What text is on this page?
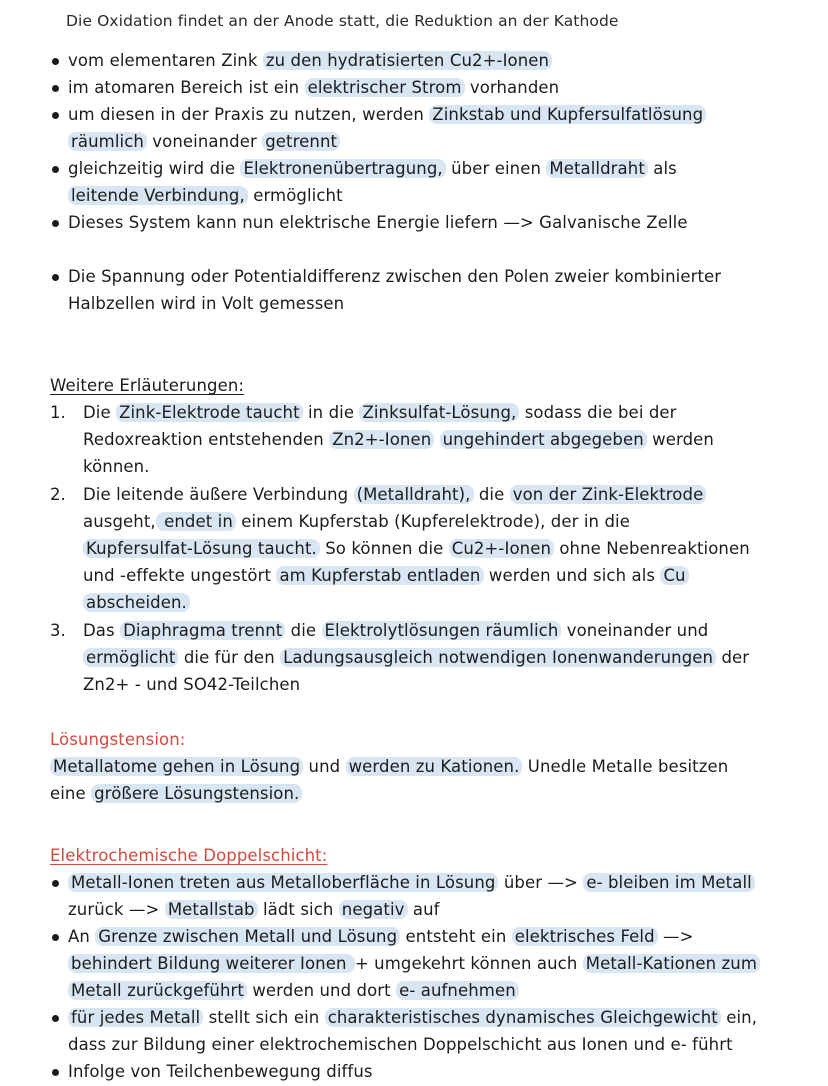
Die Oxidation findet an der Anode statt, die Reduktion an der Kathode
vom elementaren Zink zu den hydratisierten Cu2+-Ionen
im atomaren Bereich ist ein elektrischer Strom vorhanden
um diesen in der Praxis zu nutzen, werden Zinkstab und Kupfersulfatlösung
räumlich voneinander getrennt
gleichzeitig wird die Elektronenübertragung, über einen Metalldraht als
leitende Verbindung, ermöglicht
Dieses System kann nun elektrische Energie liefern —> Galvanische Zelle
Die Spannung oder Potentialdifferenz zwischen den Polen zweier kombinierter
Halbzellen wird in Volt gemessen
Weitere Erläuterungen:
1. Die Zink-Elektrode taucht in die Zinksulfat-Lösung, sodass die bei der
Redoxreaktion entstehenden Zn2+-Ionen ungehindert abgegeben werden
können.
2. Die leitende äußere Verbindung (Metalldraht), die von der Zink-Elektrode
ausgeht, endet in einem Kupferstab (Kupferelektrode), der in die
Kupfersulfat-Lösung taucht. So können die Cu2+-Ionen ohne Nebenreaktionen
und -effekte ungestört am Kupferstab entladen werden und sich als Cu
abscheiden.
3. Das Diaphragma trennt die Elektrolytlösungen räumlich voneinander und
ermöglicht die für den Ladungsausgleich notwendigen Ionenwanderungen der
Zn2+ - und SO42-Teilchen
Lösungstension:
Metallatome gehen in Lösung und werden zu Kationen. Unedle Metalle besitzen
eine größere Lösungstension.
Elektrochemische Doppelschicht:
Metall-Ionen treten aus Metalloberfläche in Lösung über —> e- bleiben im Metall
zurück —> Metallstab lädt sich negativ auf
An Grenze zwischen Metall und Lösung entsteht ein elektrisches Feld —>
behindert Bildung weiterer Ionen + umgekehrt können auch Metall-Kationen zum
Metall zurückgeführt werden und dort e- aufnehmen
für jedes Metall stellt sich ein charakteristisches dynamisches Gleichgewicht ein,
dass zur Bildung einer elektrochemischen Doppelschicht aus Ionen und e- führt
Infolge von Teilchenbewegung diffus
